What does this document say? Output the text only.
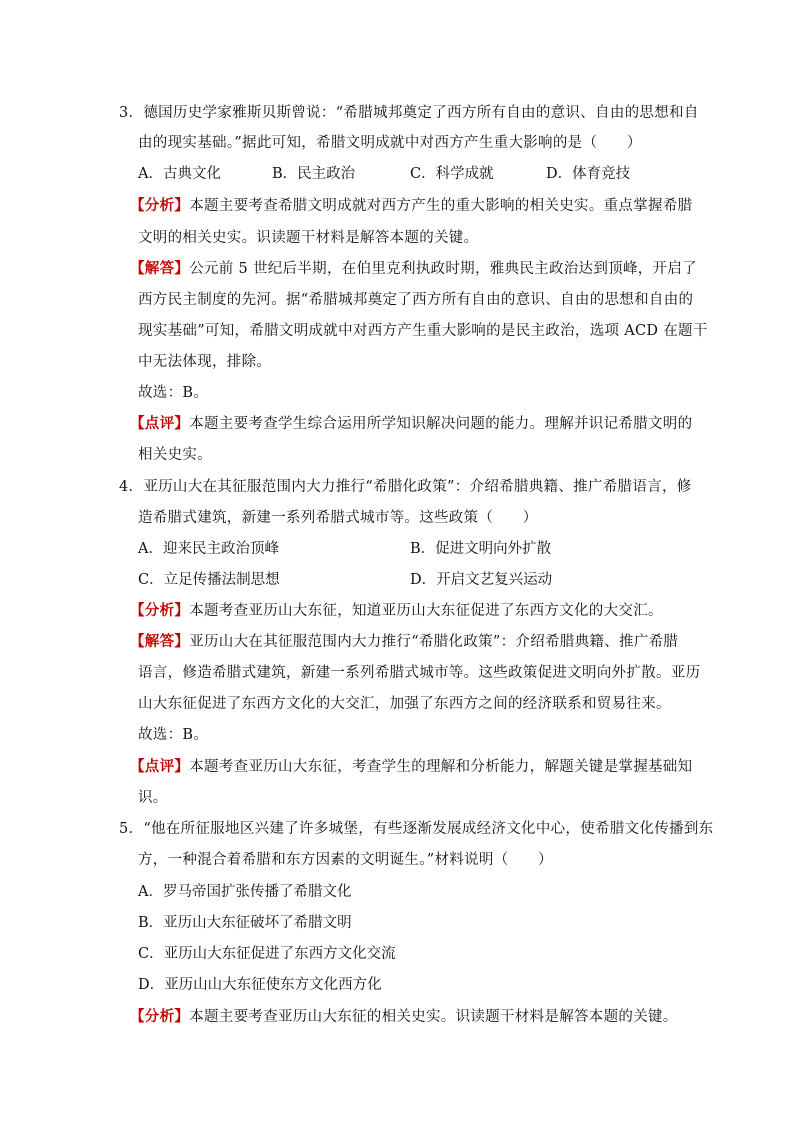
3．德国历史学家雅斯贝斯曾说：“希腊城邦奠定了西方所有自由的意识、自由的思想和自
由的现实基础。”据此可知，希腊文明成就中对西方产生重大影响的是（　　）
A．古典文化	B．民主政治	C．科学成就	D．体育竞技
【分析】本题主要考查希腊文明成就对西方产生的重大影响的相关史实。重点掌握希腊
文明的相关史实。识读题干材料是解答本题的关键。
【解答】公元前 5 世纪后半期，在伯里克利执政时期，雅典民主政治达到顶峰，开启了
西方民主制度的先河。据“希腊城邦奠定了西方所有自由的意识、自由的思想和自由的
现实基础”可知，希腊文明成就中对西方产生重大影响的是民主政治，选项 ACD 在题干
中无法体现，排除。
故选：B。
【点评】本题主要考查学生综合运用所学知识解决问题的能力。理解并识记希腊文明的
相关史实。
4．亚历山大在其征服范围内大力推行“希腊化政策”：介绍希腊典籍、推广希腊语言，修
造希腊式建筑，新建一系列希腊式城市等。这些政策（　　）
A．迎来民主政治顶峰	B．促进文明向外扩散
C．立足传播法制思想	D．开启文艺复兴运动
【分析】本题考查亚历山大东征，知道亚历山大东征促进了东西方文化的大交汇。
【解答】亚历山大在其征服范围内大力推行“希腊化政策”：介绍希腊典籍、推广希腊
语言，修造希腊式建筑，新建一系列希腊式城市等。这些政策促进文明向外扩散。亚历
山大东征促进了东西方文化的大交汇，加强了东西方之间的经济联系和贸易往来。
故选：B。
【点评】本题考查亚历山大东征，考查学生的理解和分析能力，解题关键是掌握基础知
识。
5．“他在所征服地区兴建了许多城堡，有些逐渐发展成经济文化中心，使希腊文化传播到东
方，一种混合着希腊和东方因素的文明诞生。”材料说明（　　）
A．罗马帝国扩张传播了希腊文化
B．亚历山大东征破坏了希腊文明
C．亚历山大东征促进了东西方文化交流
D．亚历山山大东征使东方文化西方化
【分析】本题主要考查亚历山大东征的相关史实。识读题干材料是解答本题的关键。
